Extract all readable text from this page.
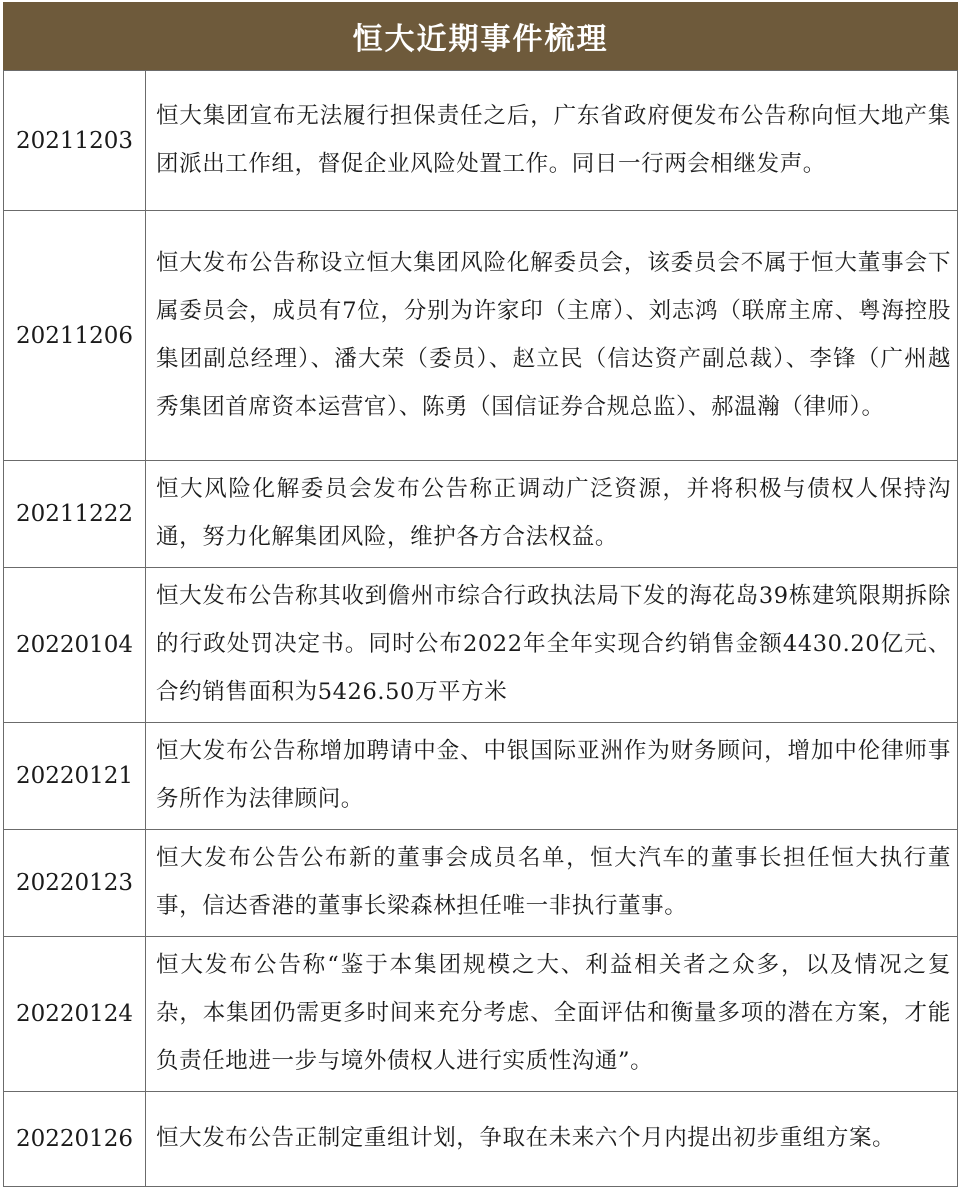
恒大近期事件梳理
20211203	恒大集团宣布无法履行担保责任之后，广东省政府便发布公告称向恒大地产集团派出工作组，督促企业风险处置工作。同日一行两会相继发声。
20211206	恒大发布公告称设立恒大集团风险化解委员会，该委员会不属于恒大董事会下属委员会，成员有7位，分别为许家印（主席）、刘志鸿（联席主席、粤海控股集团副总经理）、潘大荣（委员）、赵立民（信达资产副总裁）、李锋（广州越秀集团首席资本运营官）、陈勇（国信证券合规总监）、郝温瀚（律师）。
20211222	恒大风险化解委员会发布公告称正调动广泛资源，并将积极与债权人保持沟通，努力化解集团风险，维护各方合法权益。
20220104	恒大发布公告称其收到儋州市综合行政执法局下发的海花岛39栋建筑限期拆除的行政处罚决定书。同时公布2022年全年实现合约销售金额4430.20亿元、合约销售面积为5426.50万平方米
20220121	恒大发布公告称增加聘请中金、中银国际亚洲作为财务顾问，增加中伦律师事务所作为法律顾问。
20220123	恒大发布公告公布新的董事会成员名单，恒大汽车的董事长担任恒大执行董事，信达香港的董事长梁森林担任唯一非执行董事。
20220124	恒大发布公告称“鉴于本集团规模之大、利益相关者之众多，以及情况之复杂，本集团仍需更多时间来充分考虑、全面评估和衡量多项的潜在方案，才能负责任地进一步与境外债权人进行实质性沟通”。
20220126	恒大发布公告正制定重组计划，争取在未来六个月内提出初步重组方案。
